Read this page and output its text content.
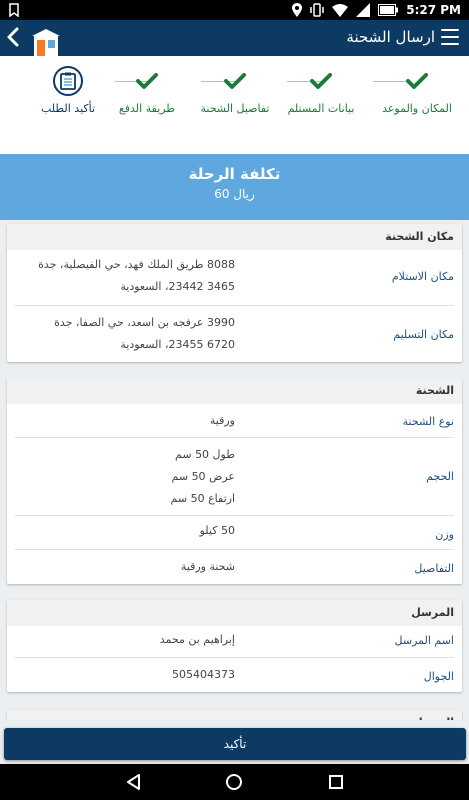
5:27 PM
ارسال الشحنة
المكان والموعد
بيانات المستلم
تفاصيل الشحنة
طريقة الدفع
تأكيد الطلب
تكلفة الرحلة
ريال 60
مكان الشحنة
مكان الاستلام
8088 طريق الملك فهد، حي الفيصلية، جدة
3465 23442، السعودية
مكان التسليم
3990 عرفجه بن اسعد، حي الصفا، جدة
6720 23455، السعودية
الشحنة
نوع الشحنة
ورقية
الحجم
طول 50 سم
عرض 50 سم
ارتفاع 50 سم
وزن
50 كيلو
التفاصيل
شحنة ورقية
المرسل
اسم المرسل
إبراهيم بن محمد
الجوال
505404373
تأكيد
